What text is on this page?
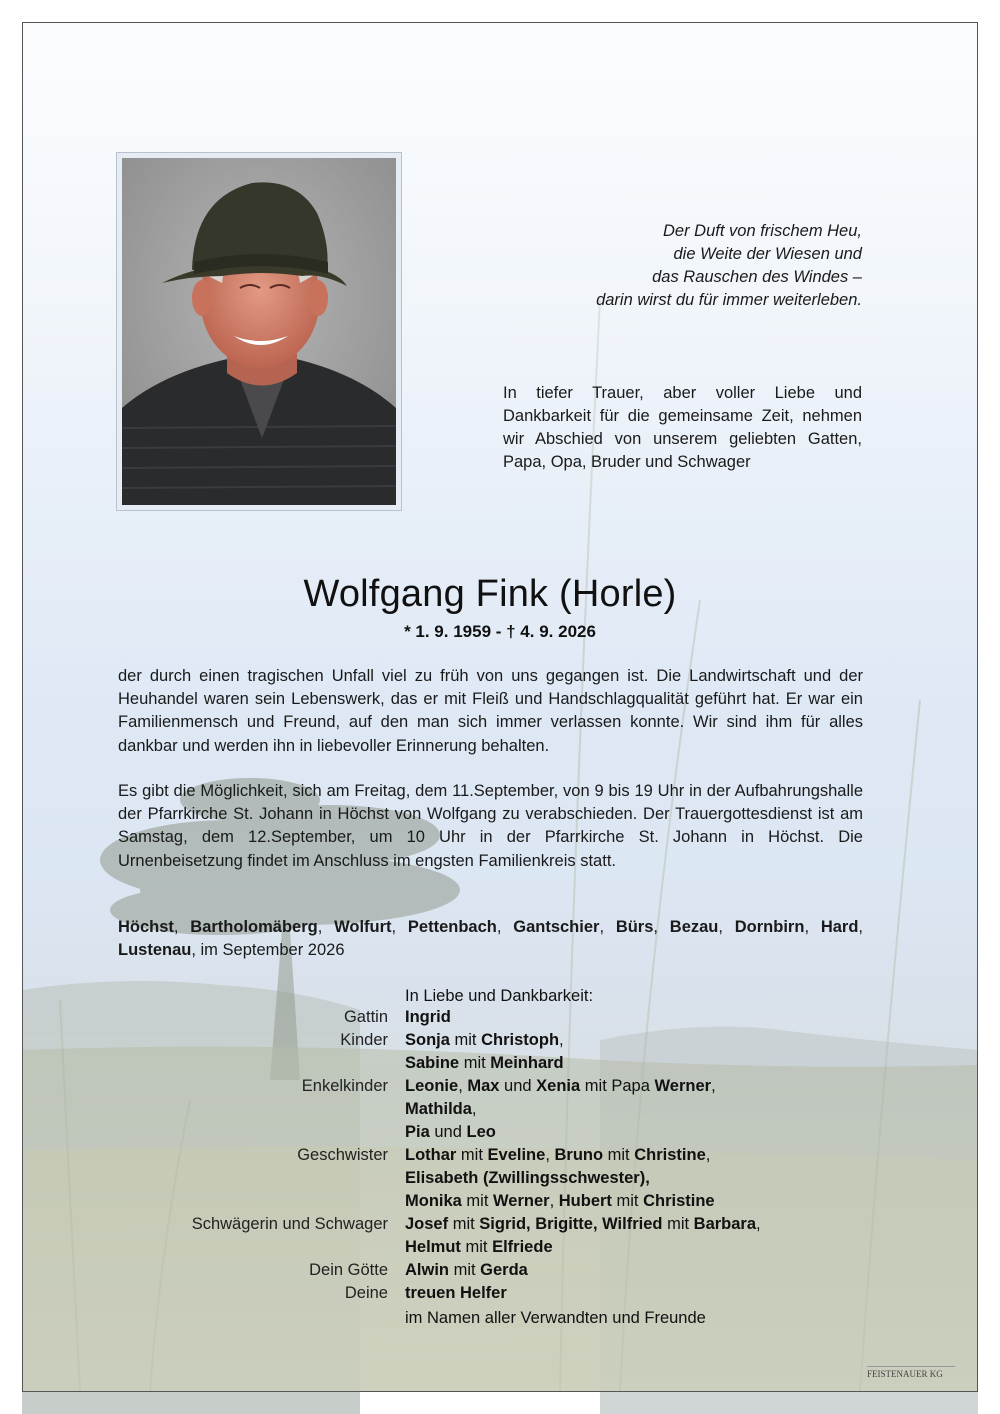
Der Duft von frischem Heu,
die Weite der Wiesen und
das Rauschen des Windes –
darin wirst du für immer weiterleben.
In tiefer Trauer, aber voller Liebe und Dankbarkeit für die gemeinsame Zeit, nehmen wir Abschied von unserem geliebten Gatten, Papa, Opa, Bruder und Schwager
Wolfgang Fink (Horle)
* 1. 9. 1959 - † 4. 9. 2026
der durch einen tragischen Unfall viel zu früh von uns gegangen ist. Die Landwirtschaft und der Heuhandel waren sein Lebenswerk, das er mit Fleiß und Handschlagqualität geführt hat. Er war ein Familienmensch und Freund, auf den man sich immer verlassen konnte. Wir sind ihm für alles dankbar und werden ihn in liebevoller Erinnerung behalten.
Es gibt die Möglichkeit, sich am Freitag, dem 11.September, von 9 bis 19 Uhr in der Aufbahrungshalle der Pfarrkirche St. Johann in Höchst von Wolfgang zu verabschieden. Der Trauergottesdienst ist am Samstag, dem 12.September, um 10 Uhr in der Pfarrkirche St. Johann in Höchst. Die Urnenbeisetzung findet im Anschluss im engsten Familienkreis statt.
Höchst, Bartholomäberg, Wolfurt, Pettenbach, Gantschier, Bürs, Bezau, Dornbirn, Hard, Lustenau, im September 2026
In Liebe und Dankbarkeit:
Gattin Ingrid
Kinder Sonja mit Christoph,
Sabine mit Meinhard
Enkelkinder Leonie, Max und Xenia mit Papa Werner,
Mathilda,
Pia und Leo
Geschwister Lothar mit Eveline, Bruno mit Christine,
Elisabeth (Zwillingsschwester),
Monika mit Werner, Hubert mit Christine
Schwägerin und Schwager Josef mit Sigrid, Brigitte, Wilfried mit Barbara,
Helmut mit Elfriede
Dein Götte Alwin mit Gerda
Deine treuen Helfer
im Namen aller Verwandten und Freunde
FEISTENAUER KG
